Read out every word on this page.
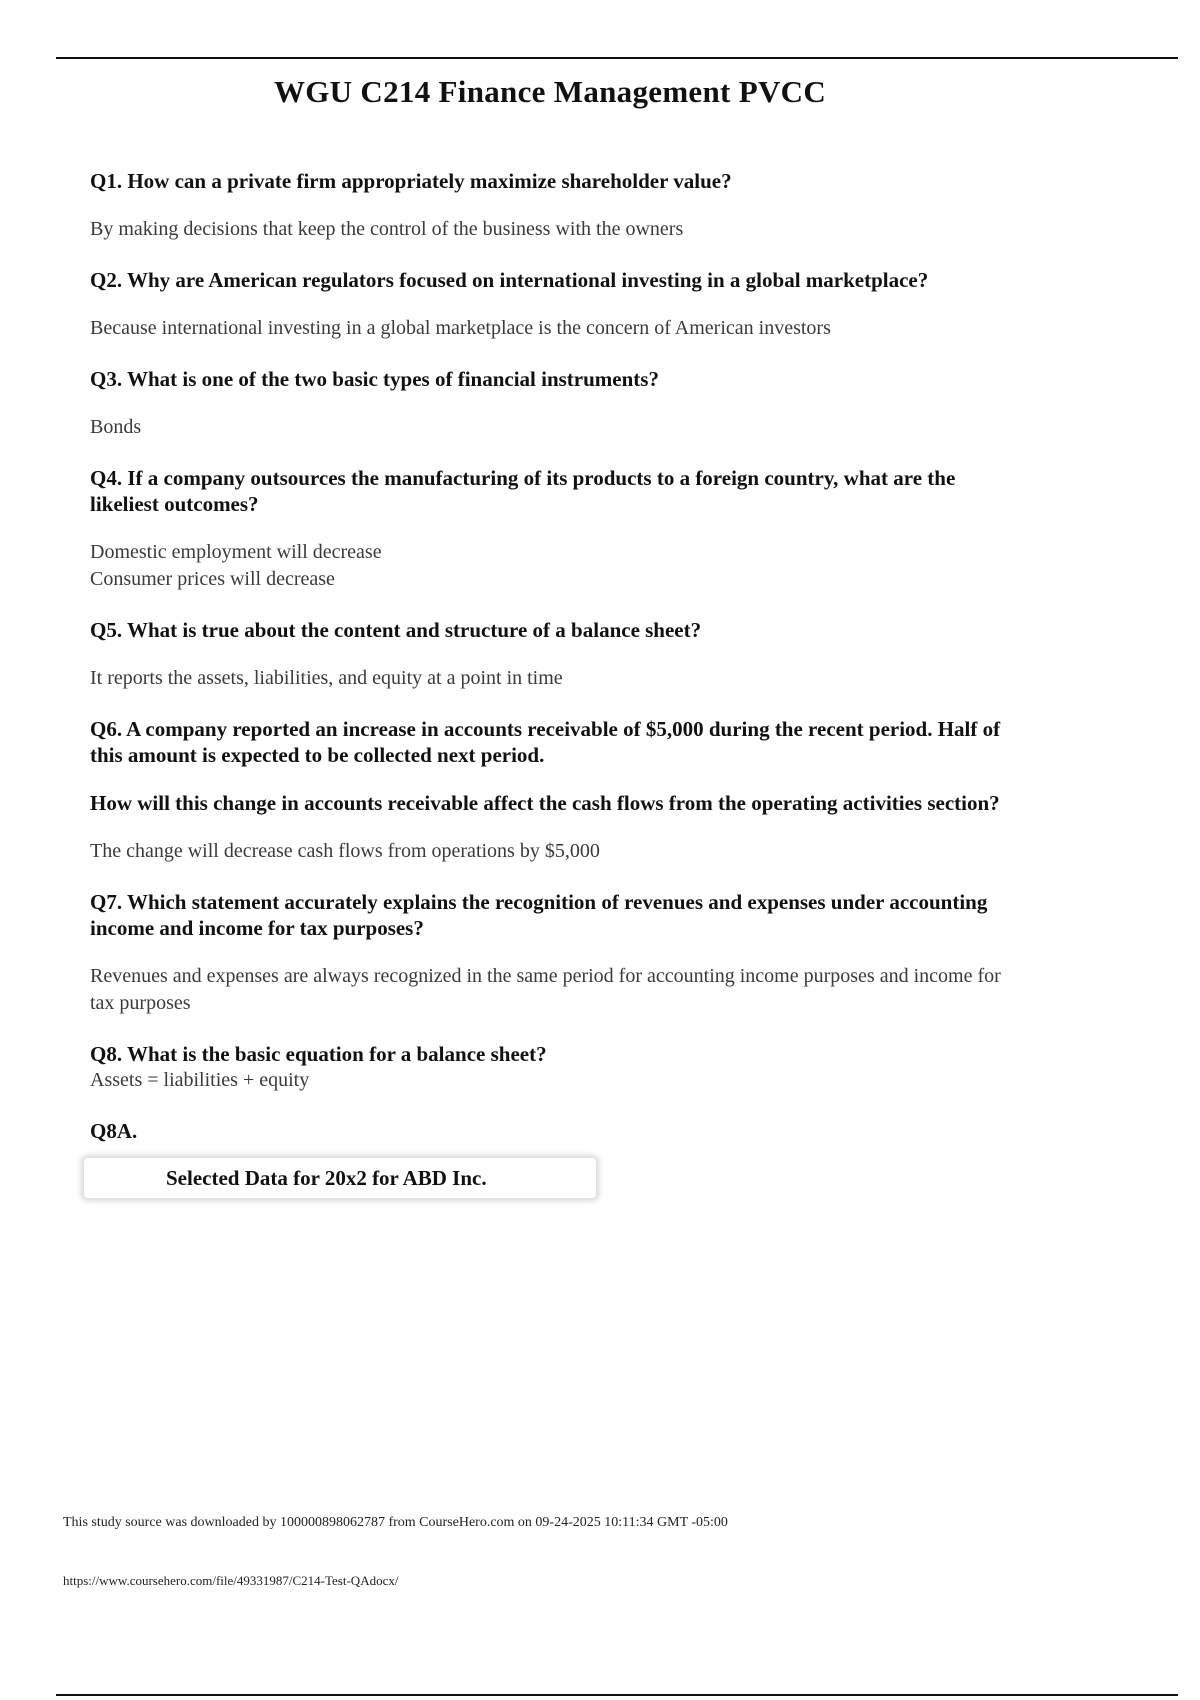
WGU C214 Finance Management PVCC
Q1. How can a private firm appropriately maximize shareholder value?
By making decisions that keep the control of the business with the owners
Q2. Why are American regulators focused on international investing in a global marketplace?
Because international investing in a global marketplace is the concern of American investors
Q3. What is one of the two basic types of financial instruments?
Bonds
Q4. If a company outsources the manufacturing of its products to a foreign country, what are the likeliest outcomes?
Domestic employment will decrease
Consumer prices will decrease
Q5. What is true about the content and structure of a balance sheet?
It reports the assets, liabilities, and equity at a point in time
Q6. A company reported an increase in accounts receivable of $5,000 during the recent period. Half of this amount is expected to be collected next period.
How will this change in accounts receivable affect the cash flows from the operating activities section?
The change will decrease cash flows from operations by $5,000
Q7. Which statement accurately explains the recognition of revenues and expenses under accounting income and income for tax purposes?
Revenues and expenses are always recognized in the same period for accounting income purposes and income for tax purposes
Q8. What is the basic equation for a balance sheet?
Assets = liabilities + equity
Q8A.
Selected Data for 20x2 for ABD Inc.
This study source was downloaded by 100000898062787 from CourseHero.com on 09-24-2025 10:11:34 GMT -05:00
https://www.coursehero.com/file/49331987/C214-Test-QAdocx/
